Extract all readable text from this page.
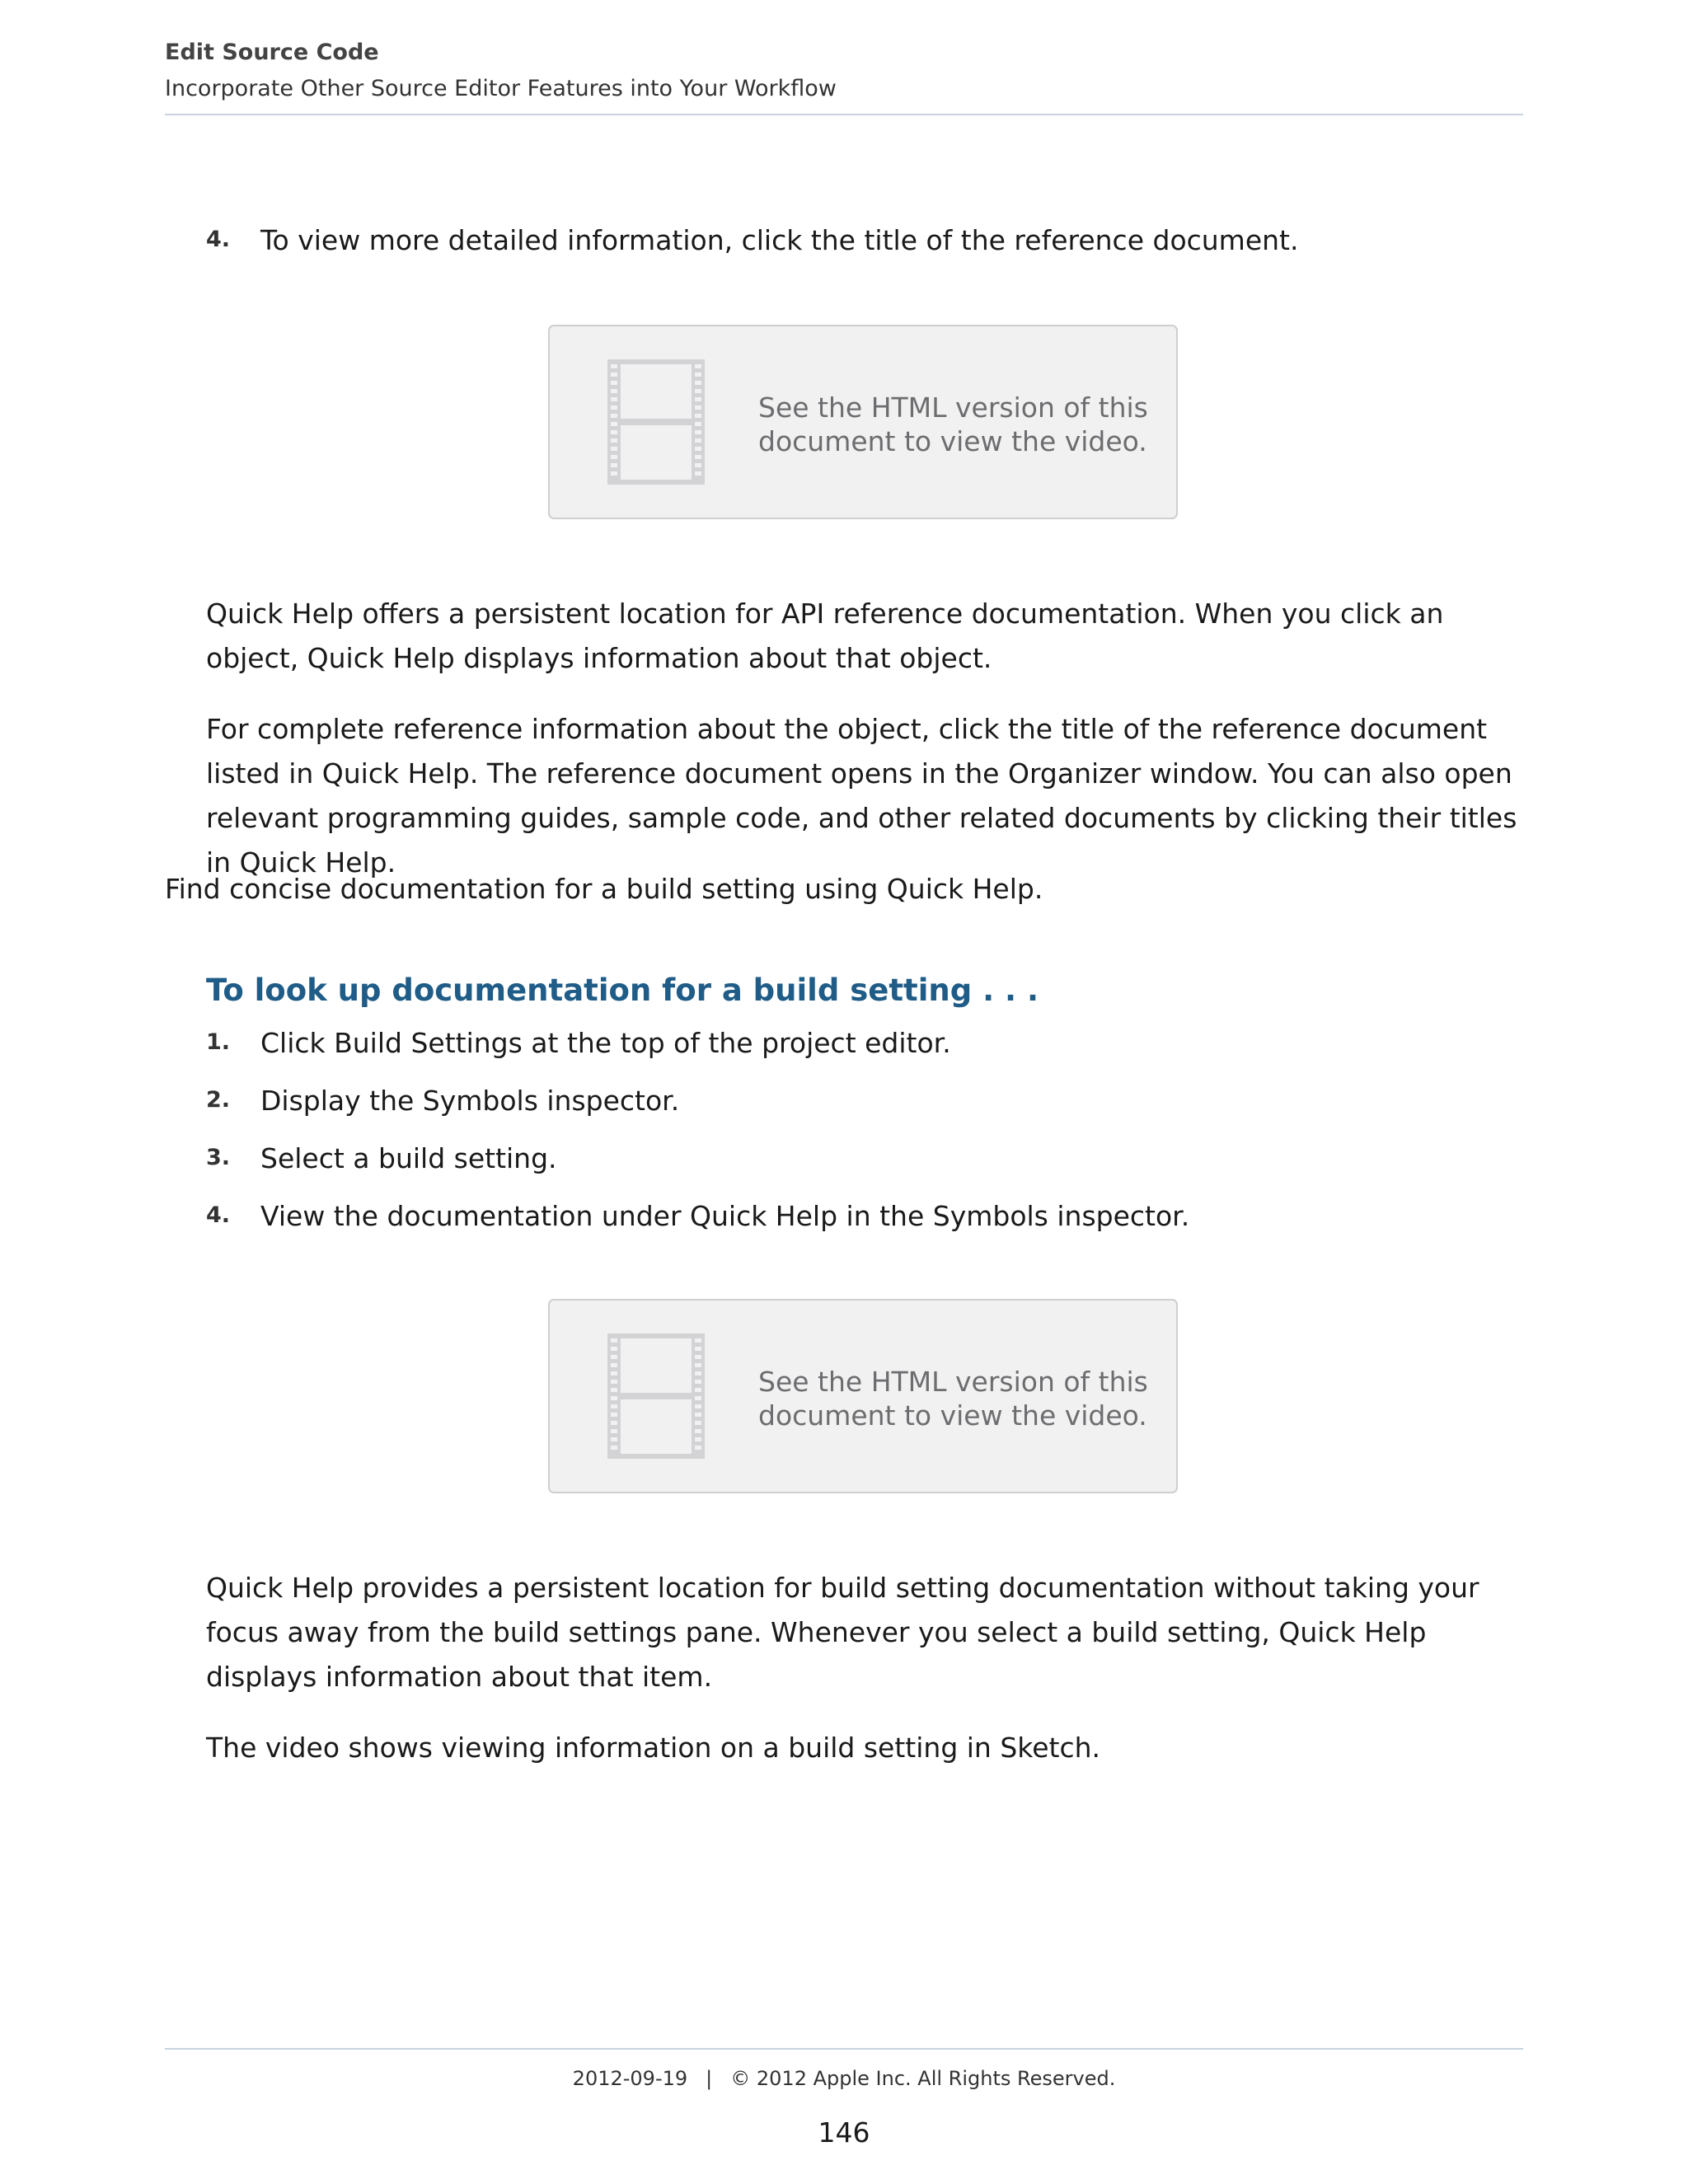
Edit Source Code
Incorporate Other Source Editor Features into Your Workflow
4. To view more detailed information, click the title of the reference document.
See the HTML version of this
document to view the video.

Quick Help offers a persistent location for API reference documentation. When you click an object, Quick Help displays information about that object.

For complete reference information about the object, click the title of the reference document listed in Quick Help. The reference document opens in the Organizer window. You can also open relevant programming guides, sample code, and other related documents by clicking their titles in Quick Help.

Find concise documentation for a build setting using Quick Help.

To look up documentation for a build setting . . .
1. Click Build Settings at the top of the project editor.
2. Display the Symbols inspector.
3. Select a build setting.
4. View the documentation under Quick Help in the Symbols inspector.
See the HTML version of this
document to view the video.

Quick Help provides a persistent location for build setting documentation without taking your focus away from the build settings pane. Whenever you select a build setting, Quick Help displays information about that item.

The video shows viewing information on a build setting in Sketch.

2012-09-19 | © 2012 Apple Inc. All Rights Reserved.
146
